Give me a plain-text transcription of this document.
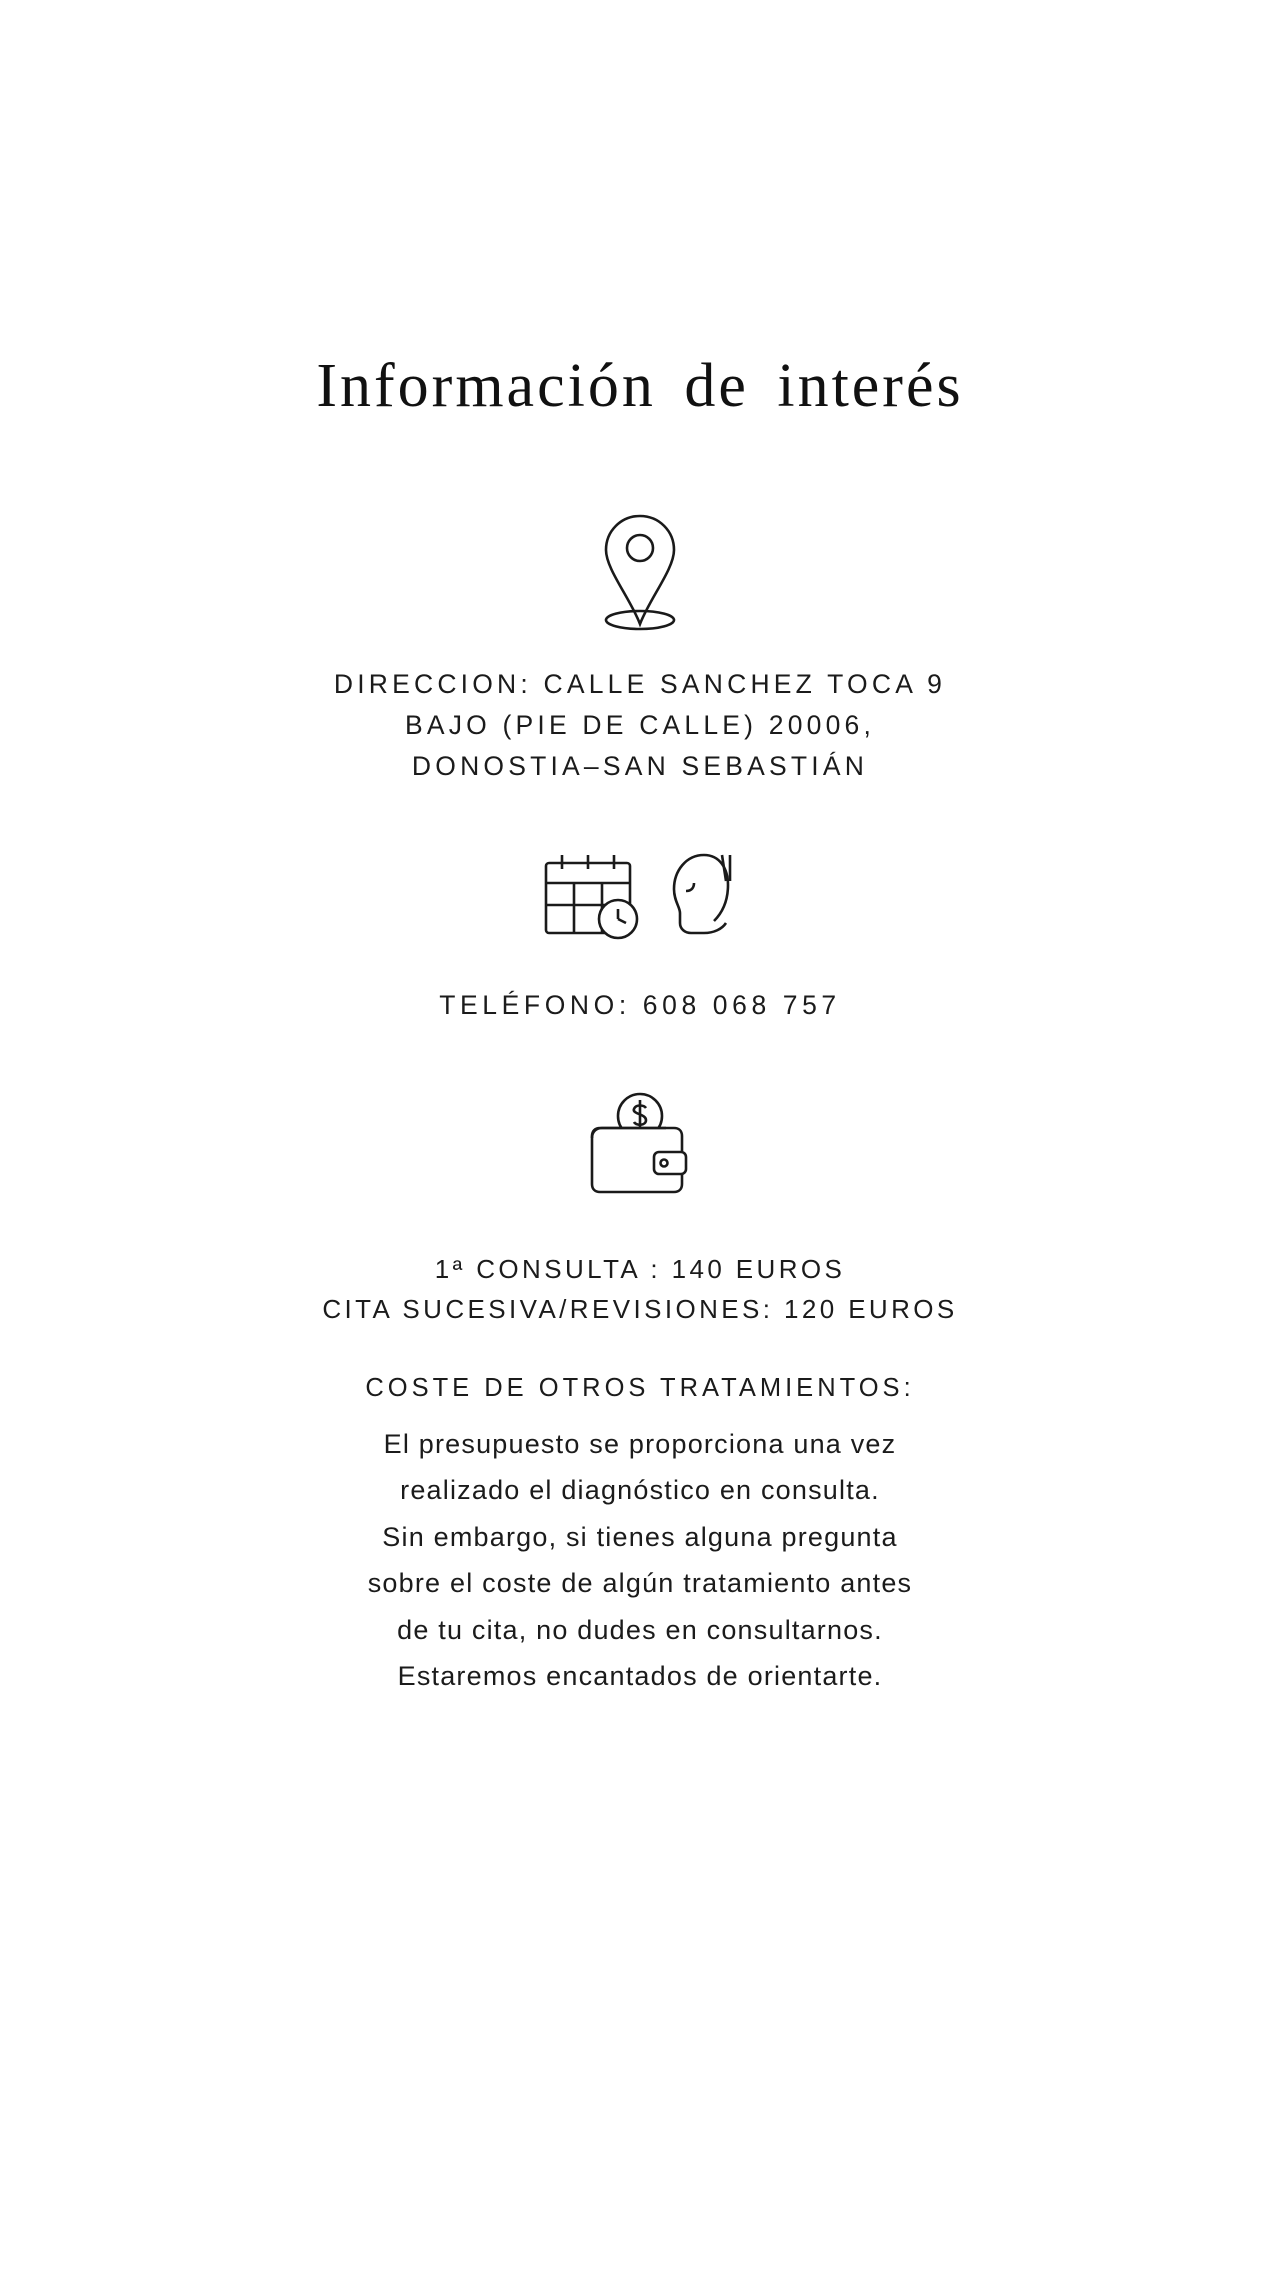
Información de interés
DIRECCION: CALLE SANCHEZ TOCA 9
BAJO (PIE DE CALLE) 20006,
DONOSTIA–SAN SEBASTIÁN
TELÉFONO: 608 068 757
1ª CONSULTA : 140 EUROS
CITA SUCESIVA/REVISIONES: 120 EUROS
COSTE DE OTROS TRATAMIENTOS:
El presupuesto se proporciona una vez
realizado el diagnóstico en consulta.
Sin embargo, si tienes alguna pregunta
sobre el coste de algún tratamiento antes
de tu cita, no dudes en consultarnos.
Estaremos encantados de orientarte.
